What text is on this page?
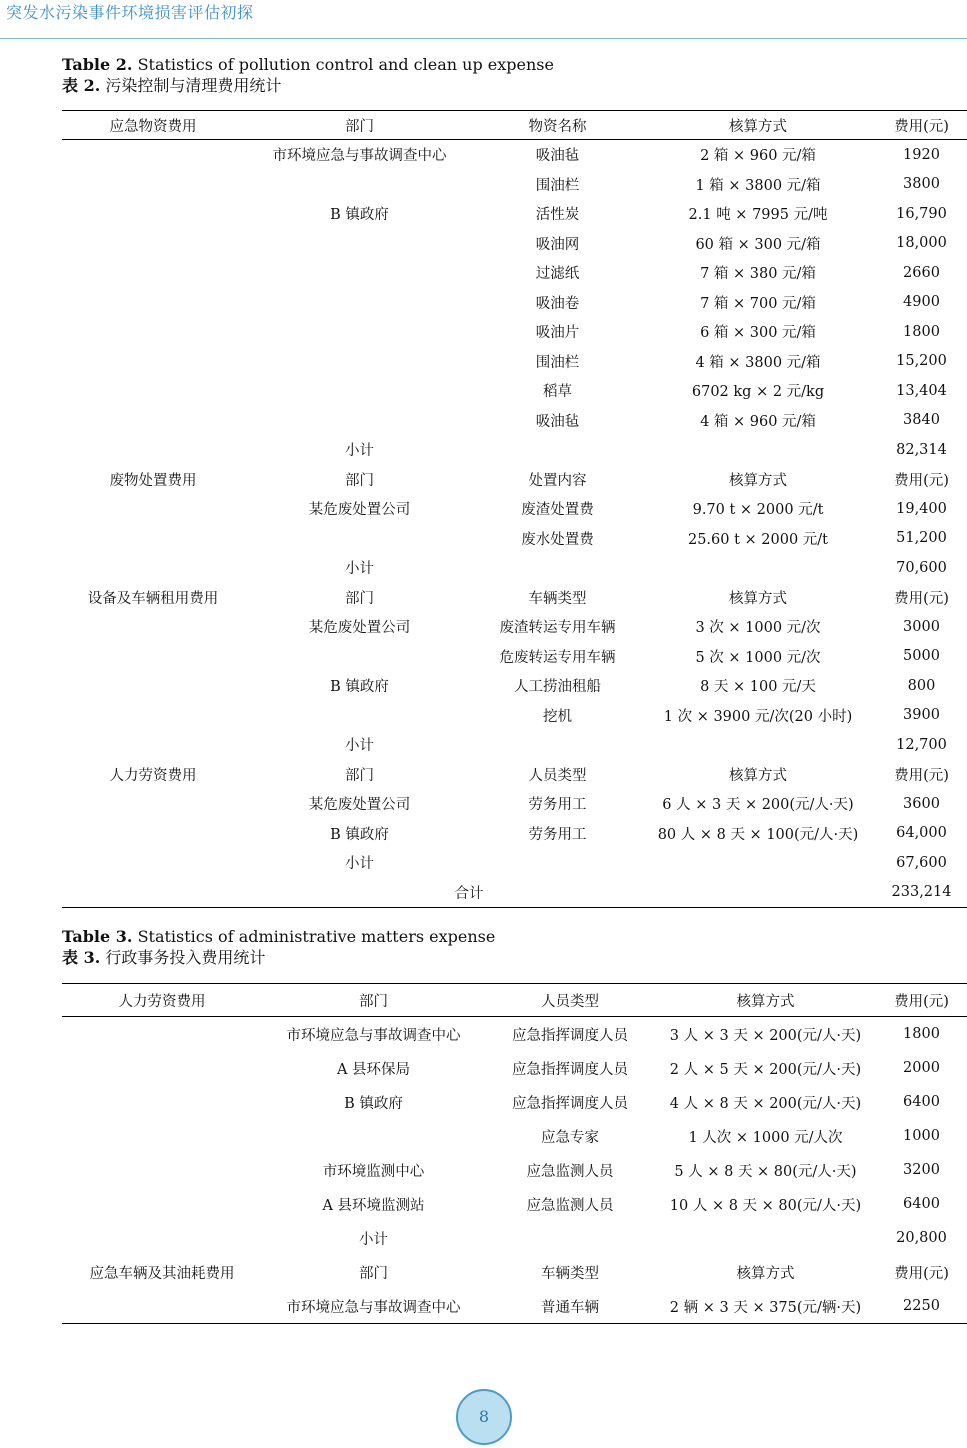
突发水污染事件环境损害评估初探
Table 2. Statistics of pollution control and clean up expense
表 2. 污染控制与清理费用统计
应急物资费用	部门	物资名称	核算方式	费用(元)
	市环境应急与事故调查中心	吸油毡	2 箱 × 960 元/箱	1920
		围油栏	1 箱 × 3800 元/箱	3800
	B 镇政府	活性炭	2.1 吨 × 7995 元/吨	16,790
		吸油网	60 箱 × 300 元/箱	18,000
		过滤纸	7 箱 × 380 元/箱	2660
		吸油卷	7 箱 × 700 元/箱	4900
		吸油片	6 箱 × 300 元/箱	1800
		围油栏	4 箱 × 3800 元/箱	15,200
		稻草	6702 kg × 2 元/kg	13,404
		吸油毡	4 箱 × 960 元/箱	3840
	小计			82,314
废物处置费用	部门	处置内容	核算方式	费用(元)
	某危废处置公司	废渣处置费	9.70 t × 2000 元/t	19,400
		废水处置费	25.60 t × 2000 元/t	51,200
	小计			70,600
设备及车辆租用费用	部门	车辆类型	核算方式	费用(元)
	某危废处置公司	废渣转运专用车辆	3 次 × 1000 元/次	3000
		危废转运专用车辆	5 次 × 1000 元/次	5000
	B 镇政府	人工捞油租船	8 天 × 100 元/天	800
		挖机	1 次 × 3900 元/次(20 小时)	3900
	小计			12,700
人力劳资费用	部门	人员类型	核算方式	费用(元)
	某危废处置公司	劳务用工	6 人 × 3 天 × 200(元/人·天)	3600
	B 镇政府	劳务用工	80 人 × 8 天 × 100(元/人·天)	64,000
	小计			67,600
合计				233,214
Table 3. Statistics of administrative matters expense
表 3. 行政事务投入费用统计
人力劳资费用	部门	人员类型	核算方式	费用(元)
	市环境应急与事故调查中心	应急指挥调度人员	3 人 × 3 天 × 200(元/人·天)	1800
	A 县环保局	应急指挥调度人员	2 人 × 5 天 × 200(元/人·天)	2000
	B 镇政府	应急指挥调度人员	4 人 × 8 天 × 200(元/人·天)	6400
		应急专家	1 人次 × 1000 元/人次	1000
	市环境监测中心	应急监测人员	5 人 × 8 天 × 80(元/人·天)	3200
	A 县环境监测站	应急监测人员	10 人 × 8 天 × 80(元/人·天)	6400
	小计			20,800
应急车辆及其油耗费用	部门	车辆类型	核算方式	费用(元)
	市环境应急与事故调查中心	普通车辆	2 辆 × 3 天 × 375(元/辆·天)	2250
8
